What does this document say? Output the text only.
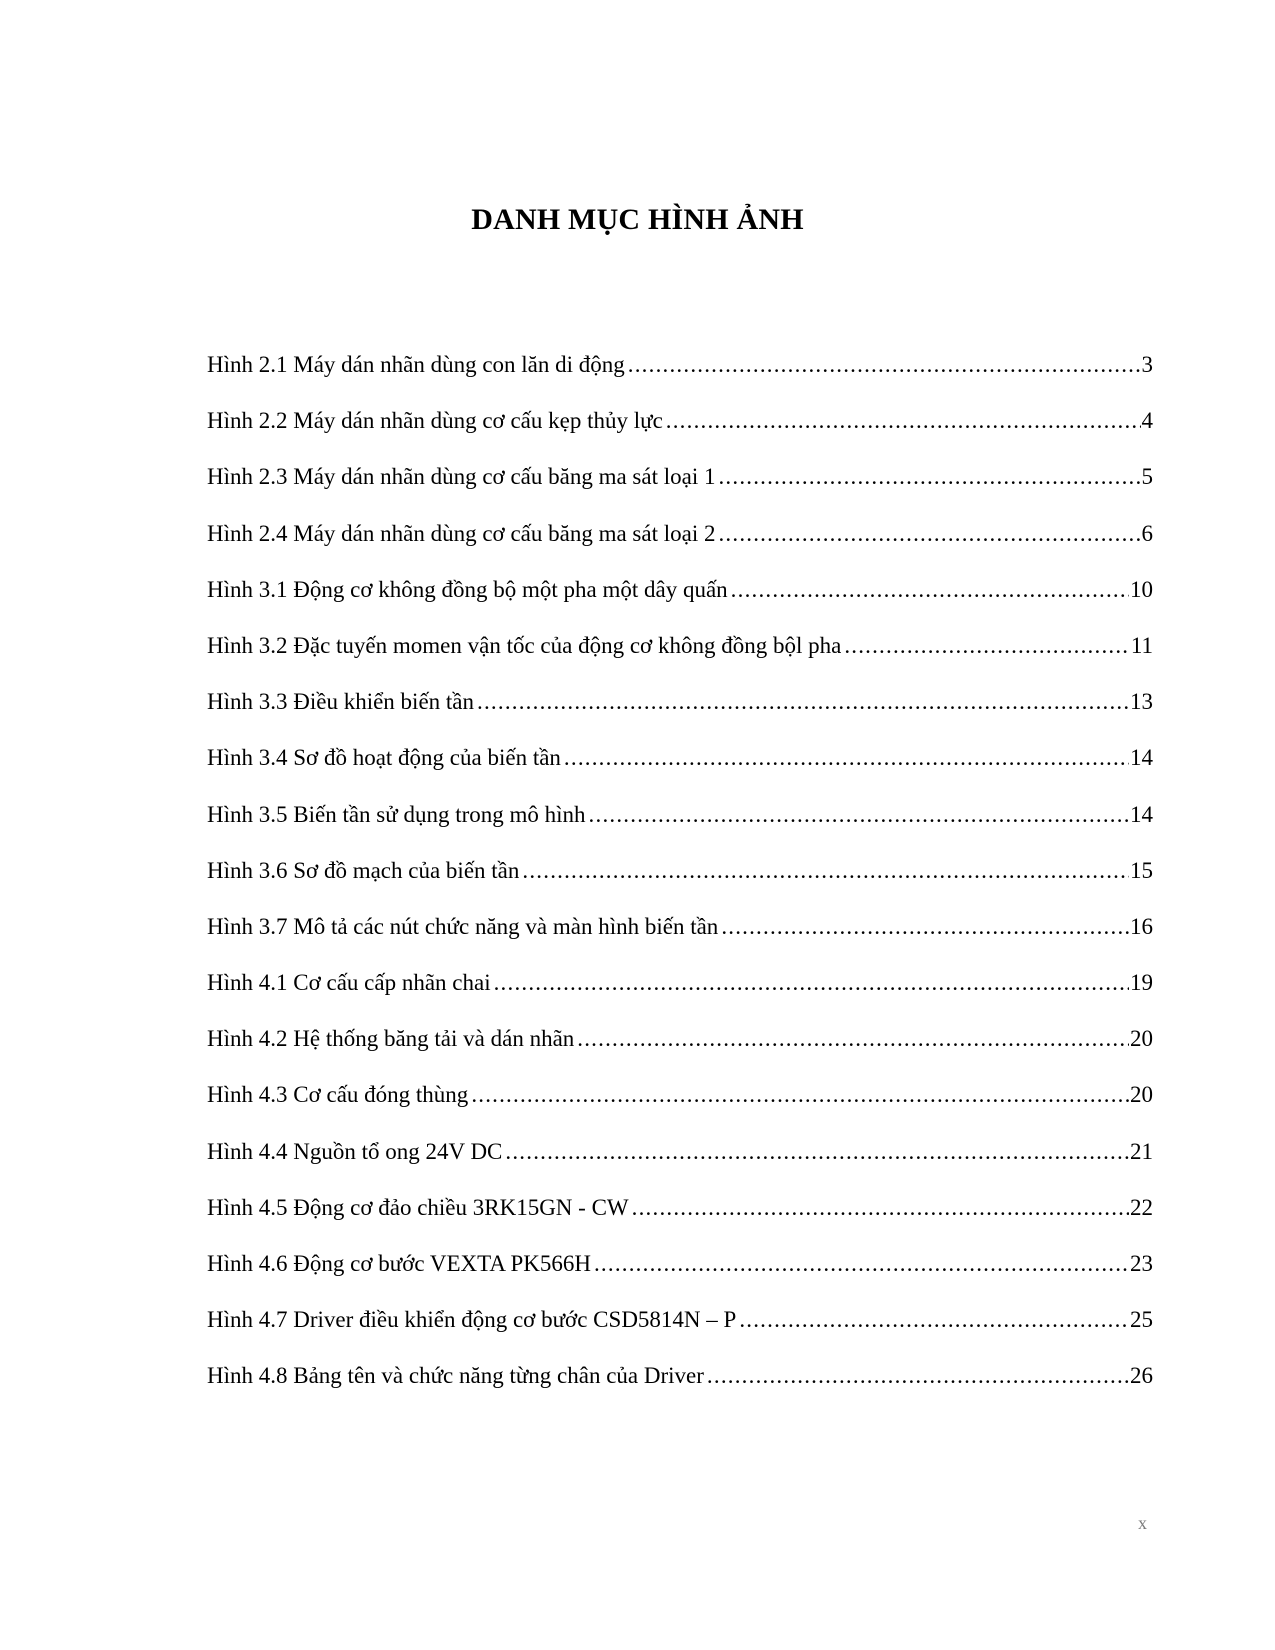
DANH MỤC HÌNH ẢNH
Hình 2.1 Máy dán nhãn dùng con lăn di động .....	3
Hình 2.2 Máy dán nhãn dùng cơ cấu kẹp thủy lực .....	4
Hình 2.3 Máy dán nhãn dùng cơ cấu băng ma sát loại 1 .....	5
Hình 2.4 Máy dán nhãn dùng cơ cấu băng ma sát loại 2 .....	6
Hình 3.1 Động cơ không đồng bộ một pha một dây quấn .....	10
Hình 3.2 Đặc tuyến momen vận tốc của động cơ không đồng bộl pha .....	11
Hình 3.3 Điều khiển biến tần .....	13
Hình 3.4 Sơ đồ hoạt động của biến tần .....	14
Hình 3.5 Biến tần sử dụng trong mô hình .....	14
Hình 3.6 Sơ đồ mạch của biến tần .....	15
Hình 3.7 Mô tả các nút chức năng và màn hình biến tần .....	16
Hình 4.1 Cơ cấu cấp nhãn chai .....	19
Hình 4.2 Hệ thống băng tải và dán nhãn .....	20
Hình 4.3 Cơ cấu đóng thùng .....	20
Hình 4.4 Nguồn tổ ong 24V DC .....	21
Hình 4.5 Động cơ đảo chiều 3RK15GN - CW .....	22
Hình 4.6 Động cơ bước VEXTA PK566H .....	23
Hình 4.7 Driver điều khiển động cơ bước CSD5814N – P .....	25
Hình 4.8 Bảng tên và chức năng từng chân của Driver .....	26
x
